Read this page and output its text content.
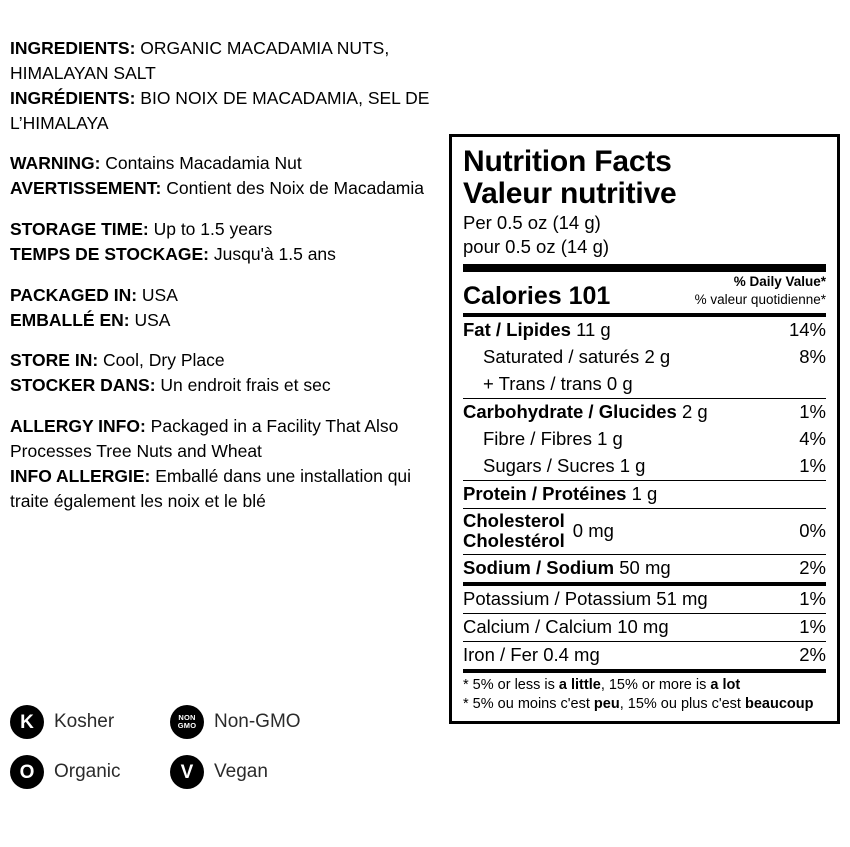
INGREDIENTS: ORGANIC MACADAMIA NUTS, HIMALAYAN SALT
INGRÉDIENTS: BIO NOIX DE MACADAMIA, SEL DE L’HIMALAYA
WARNING: Contains Macadamia Nut
AVERTISSEMENT: Contient des Noix de Macadamia
STORAGE TIME: Up to 1.5 years
TEMPS DE STOCKAGE: Jusqu'à 1.5 ans
PACKAGED IN: USA
EMBALLÉ EN: USA
STORE IN: Cool, Dry Place
STOCKER DANS: Un endroit frais et sec
ALLERGY INFO: Packaged in a Facility That Also Processes Tree Nuts and Wheat
INFO ALLERGIE: Emballé dans une installation qui traite également les noix et le blé
K Kosher	NON
GMO Non-GMO
O Organic	V Vegan
Nutrition Facts
Valeur nutritive
Per 0.5 oz (14 g)
pour 0.5 oz (14 g)
Calories 101
% Daily Value*
% valeur quotidienne*
Fat / Lipides 11 g	14%
Saturated / saturés 2 g	8%
+ Trans / trans 0 g
Carbohydrate / Glucides 2 g	1%
Fibre / Fibres 1 g	4%
Sugars / Sucres 1 g	1%
Protein / Protéines 1 g
Cholesterol
Cholestérol 0 mg	0%
Sodium / Sodium 50 mg	2%
Potassium / Potassium 51 mg	1%
Calcium / Calcium 10 mg	1%
Iron / Fer 0.4 mg	2%
* 5% or less is a little, 15% or more is a lot
* 5% ou moins c'est peu, 15% ou plus c'est beaucoup
